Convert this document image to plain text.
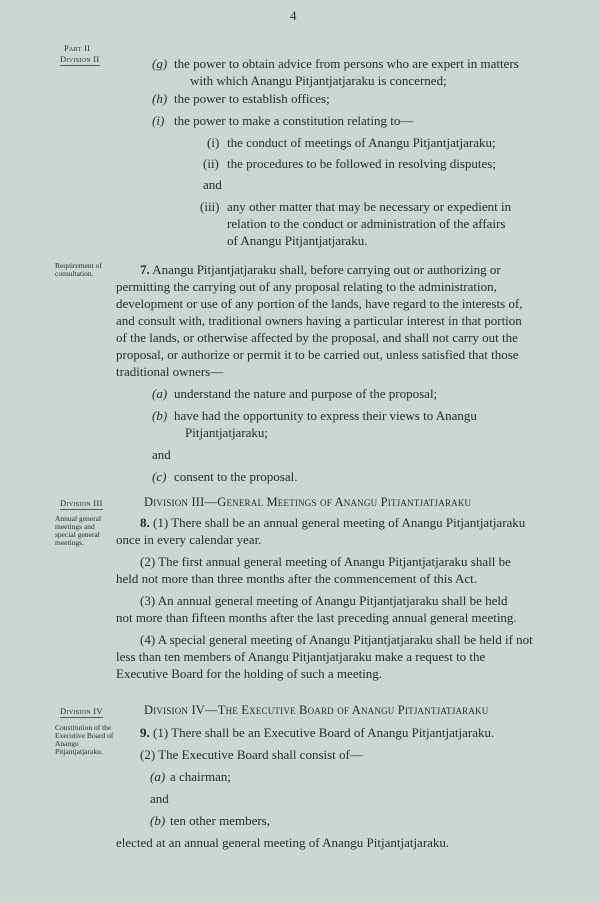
4
Part II
Division II	(g) the power to obtain advice from persons who are expert in matters
with which Anangu Pitjantjatjaraku is concerned;
(h) the power to establish offices;
(i) the power to make a constitution relating to—
(i) the conduct of meetings of Anangu Pitjantjatjaraku;
(ii) the procedures to be followed in resolving disputes;
and
(iii) any other matter that may be necessary or expedient in
relation to the conduct or administration of the affairs
of Anangu Pitjantjatjaraku.
Requirement of consultation.	7. Anangu Pitjantjatjaraku shall, before carrying out or authorizing or
permitting the carrying out of any proposal relating to the administration,
development or use of any portion of the lands, have regard to the interests of,
and consult with, traditional owners having a particular interest in that portion
of the lands, or otherwise affected by the proposal, and shall not carry out the
proposal, or authorize or permit it to be carried out, unless satisfied that those
traditional owners—
(a) understand the nature and purpose of the proposal;
(b) have had the opportunity to express their views to Anangu
Pitjantjatjaraku;
and
(c) consent to the proposal.
Division III	Division III—General Meetings of Anangu Pitjantjatjaraku
Annual general meetings and special general meetings.
8. (1) There shall be an annual general meeting of Anangu Pitjantjatjaraku
once in every calendar year.
(2) The first annual general meeting of Anangu Pitjantjatjaraku shall be
held not more than three months after the commencement of this Act.
(3) An annual general meeting of Anangu Pitjantjatjaraku shall be held
not more than fifteen months after the last preceding annual general meeting.
(4) A special general meeting of Anangu Pitjantjatjaraku shall be held if not
less than ten members of Anangu Pitjantjatjaraku make a request to the
Executive Board for the holding of such a meeting.
Division IV	Division IV—The Executive Board of Anangu Pitjantjatjaraku
Constitution of the Executive Board of Anangu Pitjantjatjaraku.
9. (1) There shall be an Executive Board of Anangu Pitjantjatjaraku.
(2) The Executive Board shall consist of—
(a) a chairman;
and
(b) ten other members,
elected at an annual general meeting of Anangu Pitjantjatjaraku.
